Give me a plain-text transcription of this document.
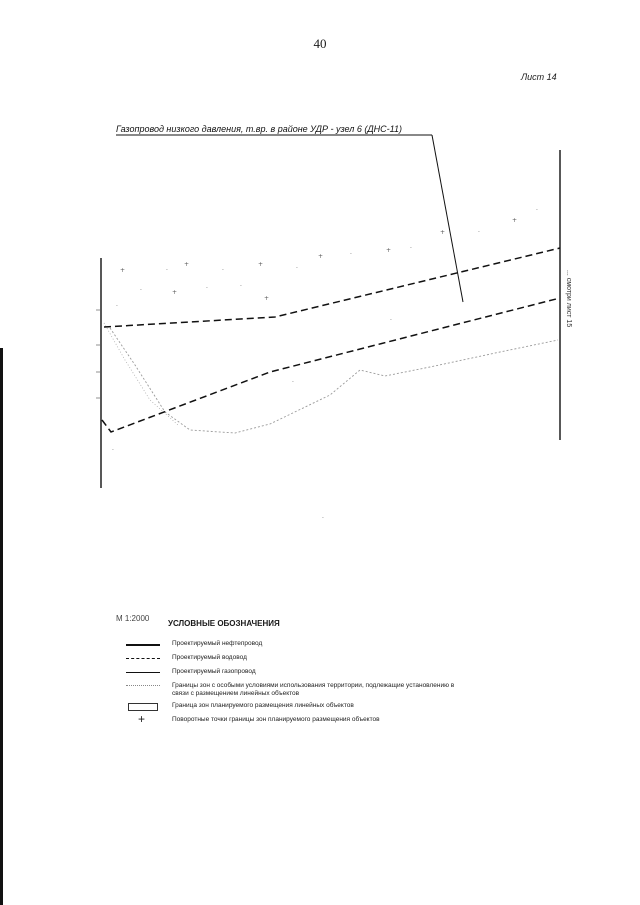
40
Лист 14
Газопровод низкого давления, т.вр. в районе УДР - узел 6 (ДНС-11)
... смотри лист 15
+	·
+
·
+
·
+	·
+	·
+	·
+
·
·	+
·	·
+
·
·
·
·
·
М 1:2000
УСЛОВНЫЕ ОБОЗНАЧЕНИЯ
Проектируемый нефтепровод
Проектируемый водовод
Проектируемый газопровод
Границы зон с особыми условиями использования территории, подлежащие установлению в связи с размещением линейных объектов
Граница зон планируемого размещения линейных объектов
+	Поворотные точки границы зон планируемого размещения объектов
